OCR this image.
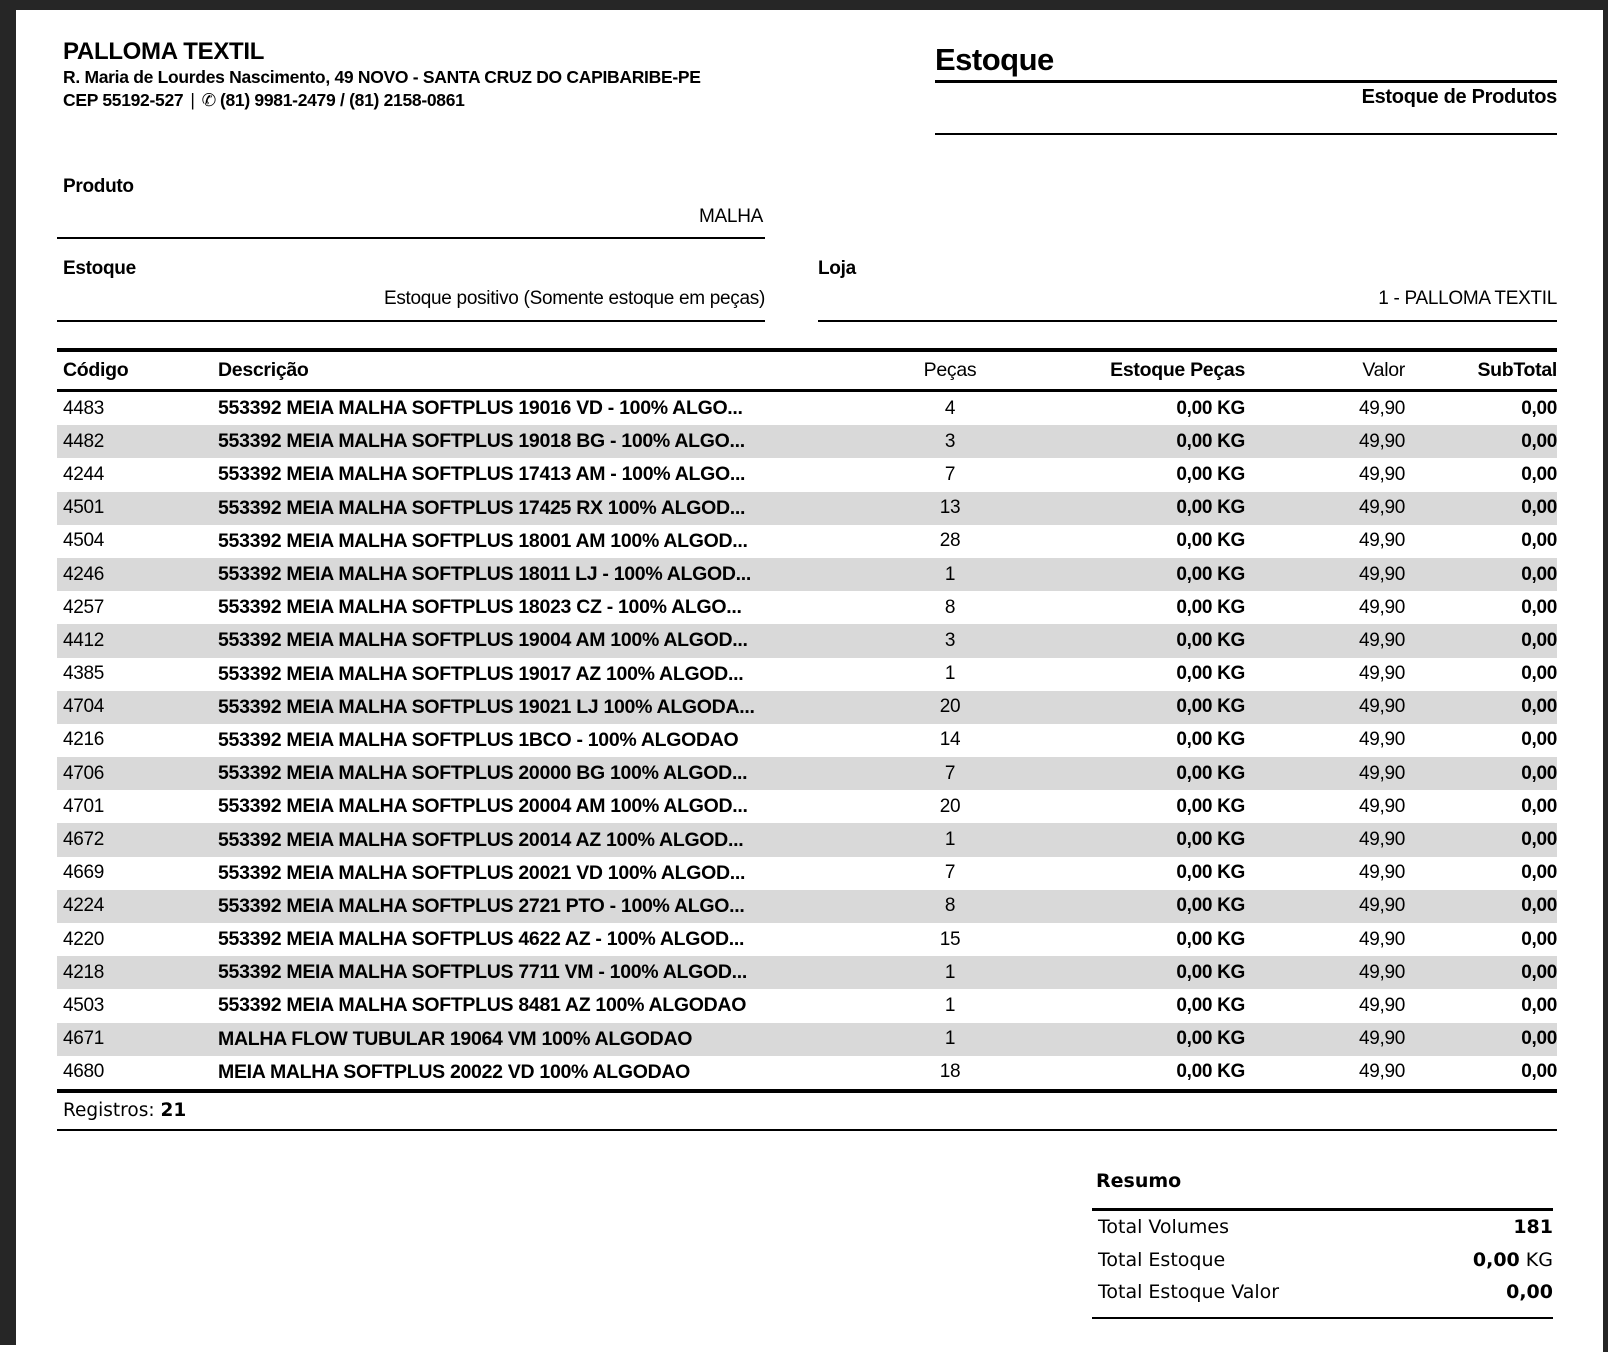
PALLOMA TEXTIL
R. Maria de Lourdes Nascimento, 49 NOVO - SANTA CRUZ DO CAPIBARIBE-PE
CEP 55192-527 | ✆ (81) 9981-2479 / (81) 2158-0861
Estoque
Estoque de Produtos
Produto
MALHA
Estoque
Estoque positivo (Somente estoque em peças)
Loja
1 - PALLOMA TEXTIL
Código	Descrição	Peças	Estoque Peças	Valor	SubTotal
4483	553392 MEIA MALHA SOFTPLUS 19016 VD - 100% ALGO...	4	0,00 KG	49,90	0,00
4482	553392 MEIA MALHA SOFTPLUS 19018 BG - 100% ALGO...	3	0,00 KG	49,90	0,00
4244	553392 MEIA MALHA SOFTPLUS 17413 AM - 100% ALGO...	7	0,00 KG	49,90	0,00
4501	553392 MEIA MALHA SOFTPLUS 17425 RX 100% ALGOD...	13	0,00 KG	49,90	0,00
4504	553392 MEIA MALHA SOFTPLUS 18001 AM 100% ALGOD...	28	0,00 KG	49,90	0,00
4246	553392 MEIA MALHA SOFTPLUS 18011 LJ - 100% ALGOD...	1	0,00 KG	49,90	0,00
4257	553392 MEIA MALHA SOFTPLUS 18023 CZ - 100% ALGO...	8	0,00 KG	49,90	0,00
4412	553392 MEIA MALHA SOFTPLUS 19004 AM 100% ALGOD...	3	0,00 KG	49,90	0,00
4385	553392 MEIA MALHA SOFTPLUS 19017 AZ 100% ALGOD...	1	0,00 KG	49,90	0,00
4704	553392 MEIA MALHA SOFTPLUS 19021 LJ 100% ALGODA...	20	0,00 KG	49,90	0,00
4216	553392 MEIA MALHA SOFTPLUS 1BCO - 100% ALGODAO	14	0,00 KG	49,90	0,00
4706	553392 MEIA MALHA SOFTPLUS 20000 BG 100% ALGOD...	7	0,00 KG	49,90	0,00
4701	553392 MEIA MALHA SOFTPLUS 20004 AM 100% ALGOD...	20	0,00 KG	49,90	0,00
4672	553392 MEIA MALHA SOFTPLUS 20014 AZ 100% ALGOD...	1	0,00 KG	49,90	0,00
4669	553392 MEIA MALHA SOFTPLUS 20021 VD 100% ALGOD...	7	0,00 KG	49,90	0,00
4224	553392 MEIA MALHA SOFTPLUS 2721 PTO - 100% ALGO...	8	0,00 KG	49,90	0,00
4220	553392 MEIA MALHA SOFTPLUS 4622 AZ - 100% ALGOD...	15	0,00 KG	49,90	0,00
4218	553392 MEIA MALHA SOFTPLUS 7711 VM - 100% ALGOD...	1	0,00 KG	49,90	0,00
4503	553392 MEIA MALHA SOFTPLUS 8481 AZ 100% ALGODAO	1	0,00 KG	49,90	0,00
4671	MALHA FLOW TUBULAR 19064 VM 100% ALGODAO	1	0,00 KG	49,90	0,00
4680	MEIA MALHA SOFTPLUS 20022 VD 100% ALGODAO	18	0,00 KG	49,90	0,00
Registros: 21
Resumo
Total Volumes	181
Total Estoque	0,00 KG
Total Estoque Valor	0,00
